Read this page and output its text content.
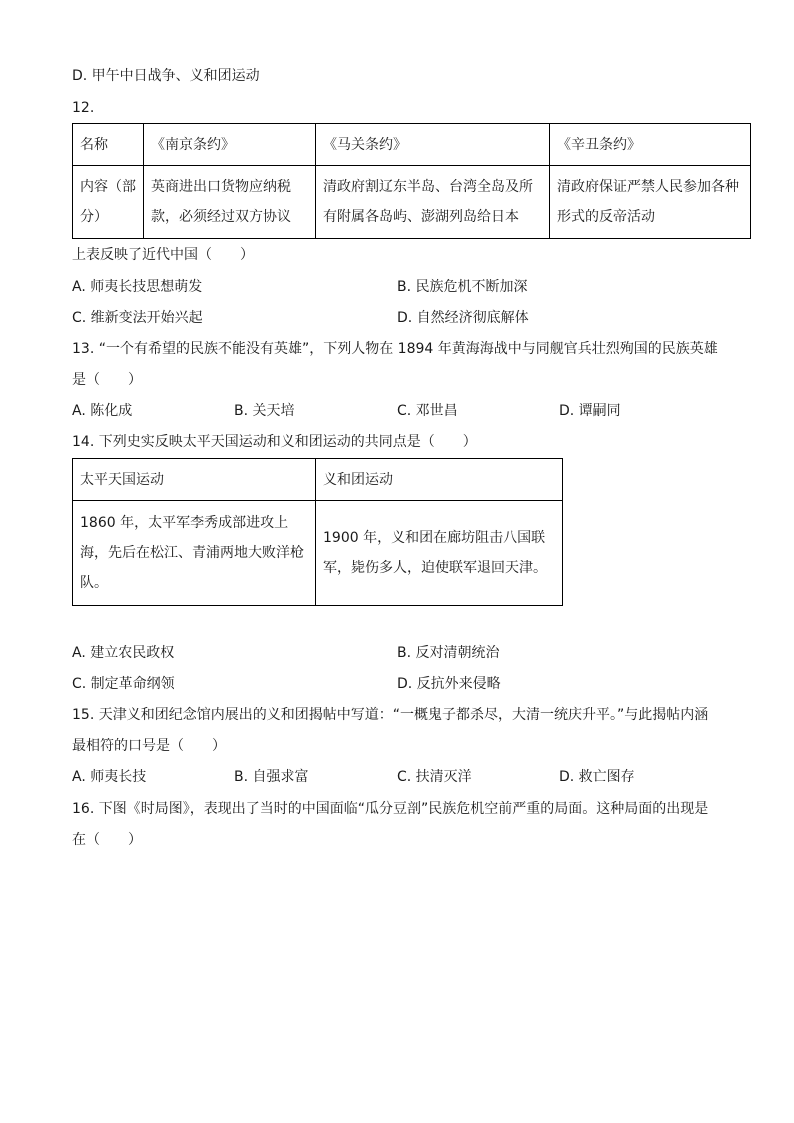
D. 甲午中日战争、义和团运动
12.
名称	《南京条约》	《马关条约》	《辛丑条约》
内容（部分）	英商进出口货物应纳税款，必须经过双方协议	清政府割辽东半岛、台湾全岛及所有附属各岛屿、澎湖列岛给日本	清政府保证严禁人民参加各种形式的反帝活动
上表反映了近代中国（　　）
A. 师夷长技思想萌发	B. 民族危机不断加深
C. 维新变法开始兴起	D. 自然经济彻底解体
13. “一个有希望的民族不能没有英雄”，下列人物在 1894 年黄海海战中与同舰官兵壮烈殉国的民族英雄
是（　　）
A. 陈化成	B. 关天培	C. 邓世昌	D. 谭嗣同
14. 下列史实反映太平天国运动和义和团运动的共同点是（　　）
太平天国运动	义和团运动
1860 年，太平军李秀成部进攻上海，先后在松江、青浦两地大败洋枪队。	1900 年，义和团在廊坊阻击八国联军，毙伤多人，迫使联军退回天津。
A. 建立农民政权	B. 反对清朝统治
C. 制定革命纲领	D. 反抗外来侵略
15. 天津义和团纪念馆内展出的义和团揭帖中写道：“一概鬼子都杀尽，大清一统庆升平。”与此揭帖内涵
最相符的口号是（　　）
A. 师夷长技	B. 自强求富	C. 扶清灭洋	D. 救亡图存
16. 下图《时局图》，表现出了当时的中国面临“瓜分豆剖”民族危机空前严重的局面。这种局面的出现是
在（　　）
